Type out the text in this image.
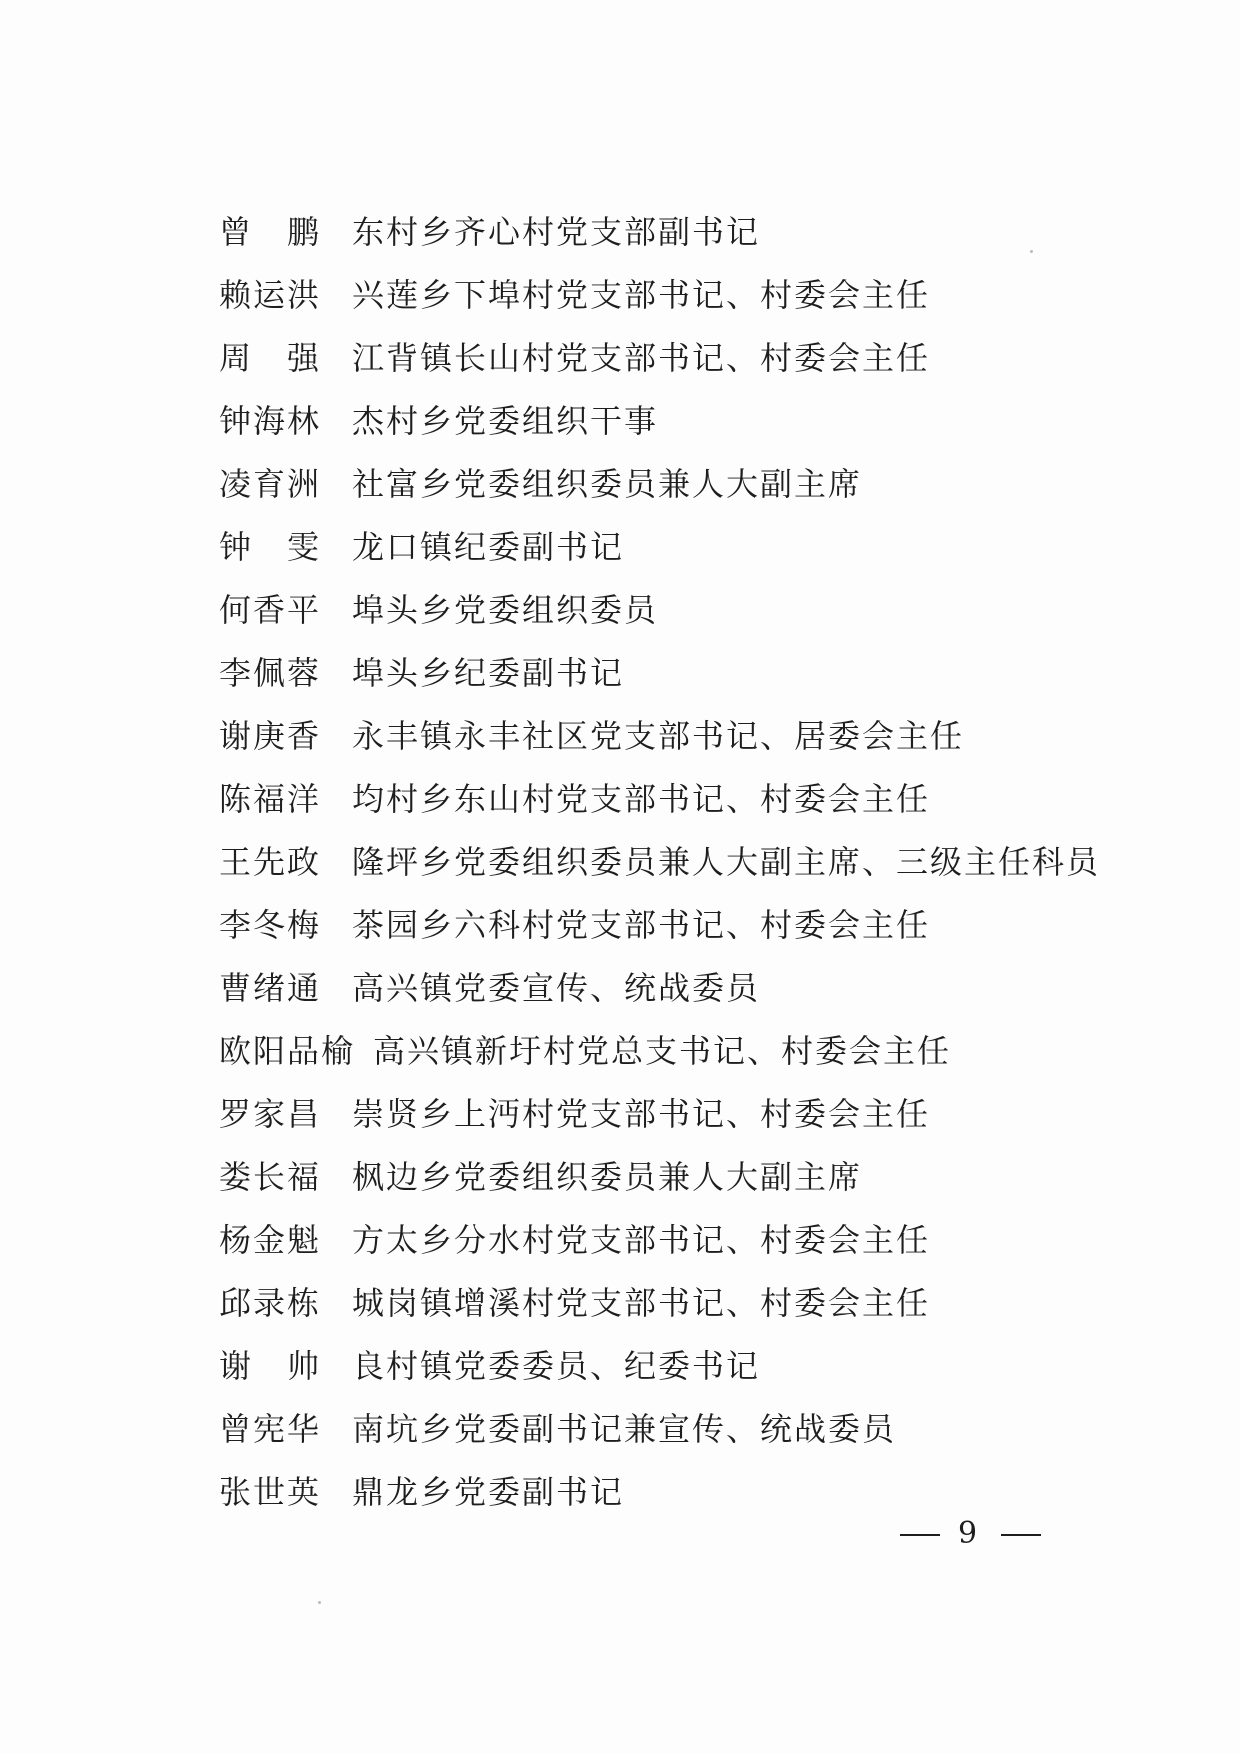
曾鹏
东村乡齐心村党支部副书记
赖运洪 兴莲乡下埠村党支部书记、村委会主任
周强
江背镇长山村党支部书记、村委会主任
钟海林 杰村乡党委组织干事
凌育洲 社富乡党委组织委员兼人大副主席
钟雯
龙口镇纪委副书记
何香平 埠头乡党委组织委员
李佩蓉 埠头乡纪委副书记
谢庚香 永丰镇永丰社区党支部书记、居委会主任
陈福洋 均村乡东山村党支部书记、村委会主任
王先政 隆坪乡党委组织委员兼人大副主席、三级主任科员
李冬梅 茶园乡六科村党支部书记、村委会主任
曹绪通 高兴镇党委宣传、统战委员
欧阳品榆 高兴镇新圩村党总支书记、村委会主任
罗家昌 崇贤乡上沔村党支部书记、村委会主任
娄长福 枫边乡党委组织委员兼人大副主席
杨金魁 方太乡分水村党支部书记、村委会主任
邱录栋 城岗镇增溪村党支部书记、村委会主任
谢帅
良村镇党委委员、纪委书记
曾宪华 南坑乡党委副书记兼宣传、统战委员
张世英 鼎龙乡党委副书记
9
